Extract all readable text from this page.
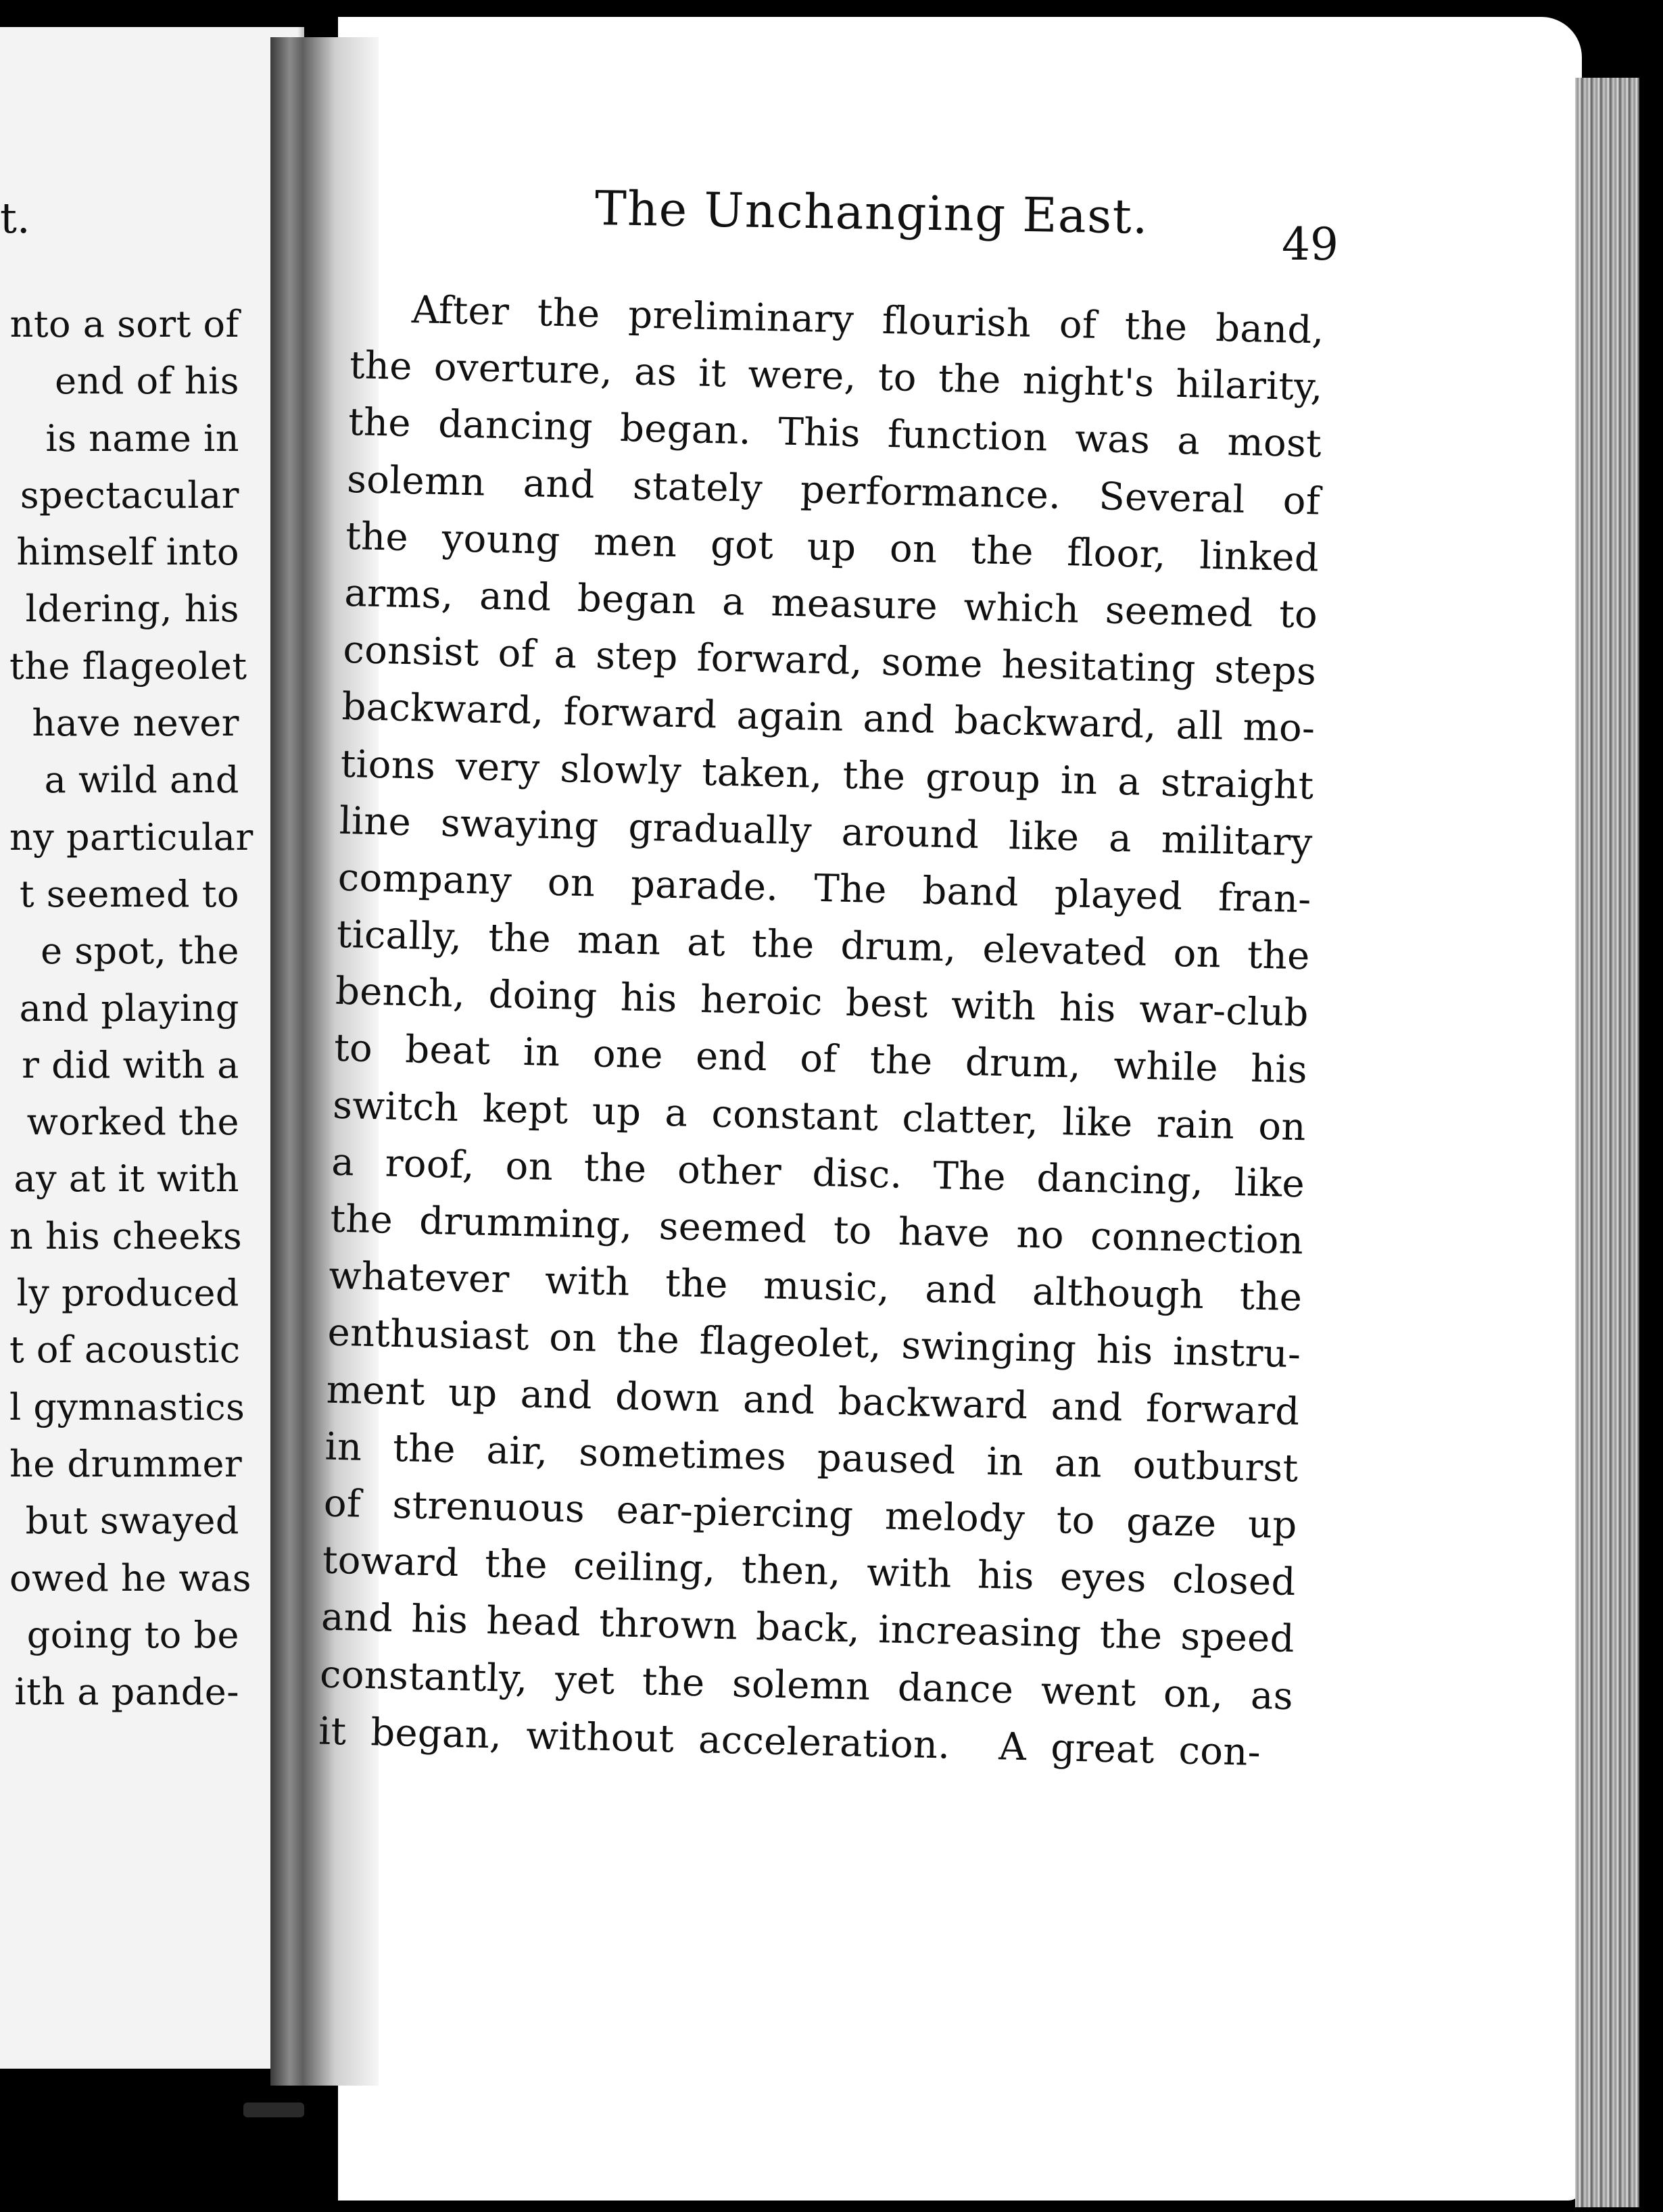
t.
nto a sort of
end of his
is name in
spectacular
himself into
ldering, his
the flageolet
have never
a wild and
ny particular
t seemed to
e spot, the
and playing
r did with a
worked the
ay at it with
n his cheeks
ly produced
t of acoustic
l gymnastics
he drummer
but swayed
owed he was
going to be
ith a pande-
The Unchanging East.	49
After the preliminary flourish of the band,
the overture, as it were, to the night's hilarity,
the dancing began. This function was a most
solemn and stately performance. Several of
the young men got up on the floor, linked
arms, and began a measure which seemed to
consist of a step forward, some hesitating steps
backward, forward again and backward, all mo-
tions very slowly taken, the group in a straight
line swaying gradually around like a military
company on parade. The band played fran-
tically, the man at the drum, elevated on the
bench, doing his heroic best with his war-club
to beat in one end of the drum, while his
switch kept up a constant clatter, like rain on
a roof, on the other disc. The dancing, like
the drumming, seemed to have no connection
whatever with the music, and although the
enthusiast on the flageolet, swinging his instru-
ment up and down and backward and forward
in the air, sometimes paused in an outburst
of strenuous ear-piercing melody to gaze up
toward the ceiling, then, with his eyes closed
and his head thrown back, increasing the speed
constantly, yet the solemn dance went on, as
it began, without acceleration.  A great con-
